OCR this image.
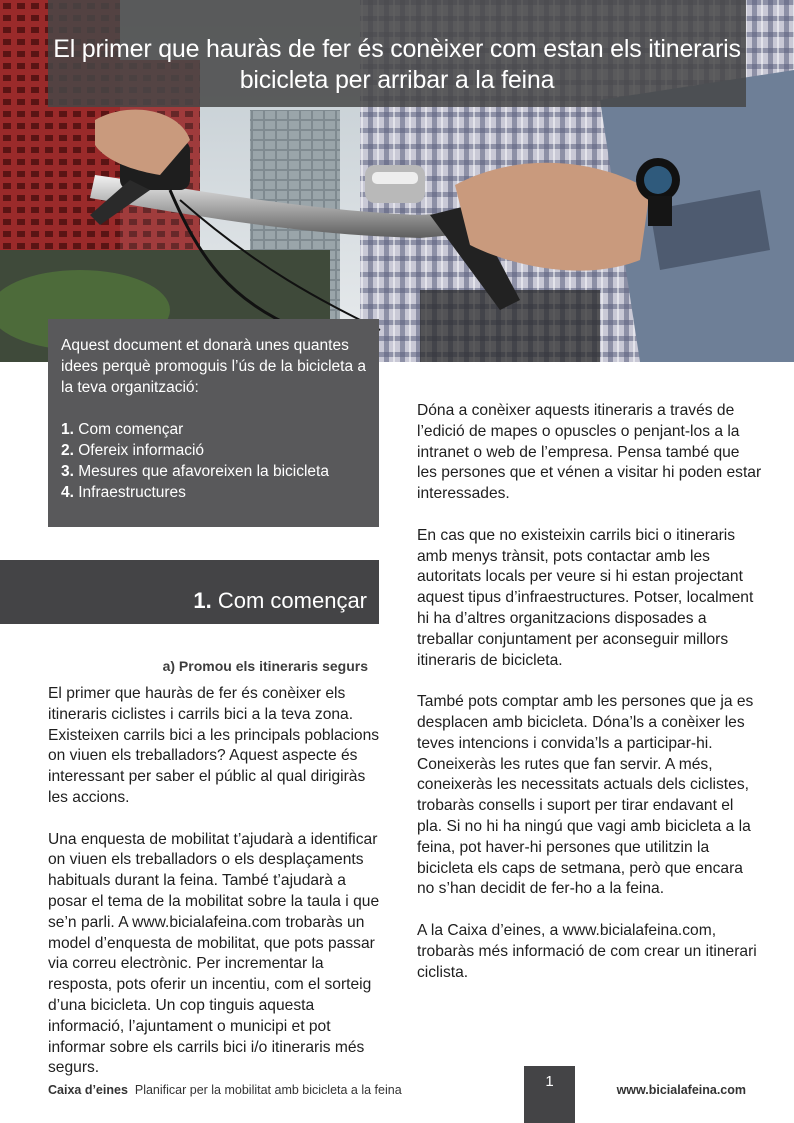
El primer que hauràs de fer és conèixer com estan els itineraris
bicicleta per arribar a la feina

Aquest document et donarà unes quantes idees perquè promoguis l’ús de la bicicleta a la teva organització:

1. Com començar
2. Ofereix informació
3. Mesures que afavoreixen la bicicleta
4. Infraestructures
1. Com començar
a) Promou els itineraris segurs

El primer que hauràs de fer és conèixer els itineraris ciclistes i carrils bici a la teva zona. Existeixen carrils bici a les principals poblacions on viuen els treballadors? Aquest aspecte és interessant per saber el públic al qual dirigiràs les accions.

Una enquesta de mobilitat t’ajudarà a identificar on viuen els treballadors o els desplaçaments habituals durant la feina. També t’ajudarà a posar el tema de la mobilitat sobre la taula i que se’n parli. A www.bicialafeina.com trobaràs un model d’enquesta de mobilitat, que pots passar via correu electrònic. Per incrementar la resposta, pots oferir un incentiu, com el sorteig d’una bicicleta. Un cop tinguis aquesta informació, l’ajuntament o municipi et pot informar sobre els carrils bici i/o itineraris més segurs.

Dóna a conèixer aquests itineraris a través de l’edició de mapes o opuscles o penjant-los a la intranet o web de l’empresa. Pensa també que les persones que et vénen a visitar hi poden estar interessades.

En cas que no existeixin carrils bici o itineraris amb menys trànsit, pots contactar amb les autoritats locals per veure si hi estan projectant aquest tipus d’infraestructures. Potser, localment hi ha d’altres organitzacions disposades a treballar conjuntament per aconseguir millors itineraris de bicicleta.

També pots comptar amb les persones que ja es desplacen amb bicicleta. Dóna’ls a conèixer les teves intencions i convida’ls a participar-hi. Coneixeràs les rutes que fan servir. A més, coneixeràs les necessitats actuals dels ciclistes, trobaràs consells i suport per tirar endavant el pla. Si no hi ha ningú que vagi amb bicicleta a la feina, pot haver-hi persones que utilitzin la bicicleta els caps de setmana, però que encara no s’han decidit de fer-ho a la feina.

A la Caixa d’eines, a www.bicialafeina.com, trobaràs més informació de com crear un itinerari ciclista.

Caixa d’eines Planificar per la mobilitat amb bicicleta a la feina	1	www.bicialafeina.com
